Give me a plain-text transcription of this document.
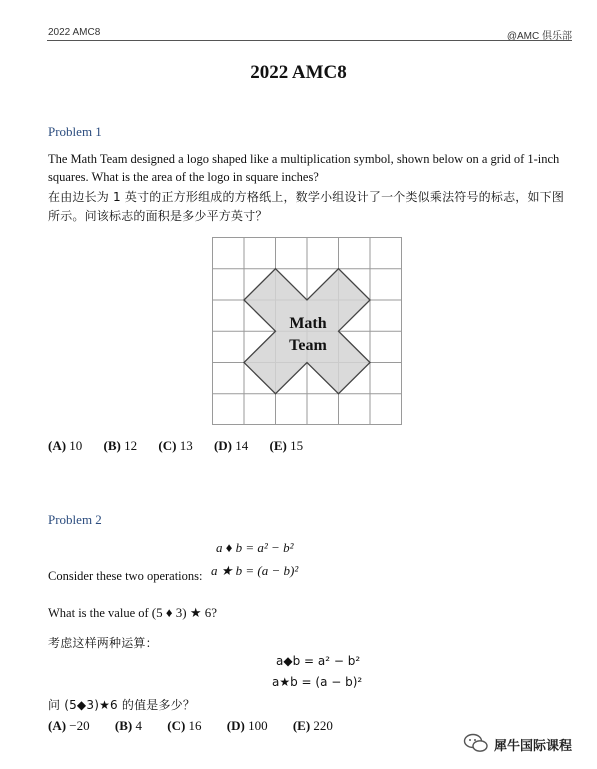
2022 AMC8	@AMC 俱乐部
2022 AMC8
Problem 1
The Math Team designed a logo shaped like a multiplication symbol, shown below on a grid of 1-inch squares. What is the area of the logo in square inches?
在由边长为 1 英寸的正方形组成的方格纸上，数学小组设计了一个类似乘法符号的标志，如下图所示。问该标志的面积是多少平方英寸？
Math
Team
(A) 10 (B) 12 (C) 13 (D) 14 (E) 15
Problem 2
a ♦ b = a² − b²
Consider these two operations: a ★ b = (a − b)²
What is the value of (5 ♦ 3) ★ 6?
考虑这样两种运算：
a◆b = a² − b²
a★b = (a − b)²
问 (5◆3)★6 的值是多少？
(A) −20 (B) 4 (C) 16 (D) 100 (E) 220
犀牛国际课程
